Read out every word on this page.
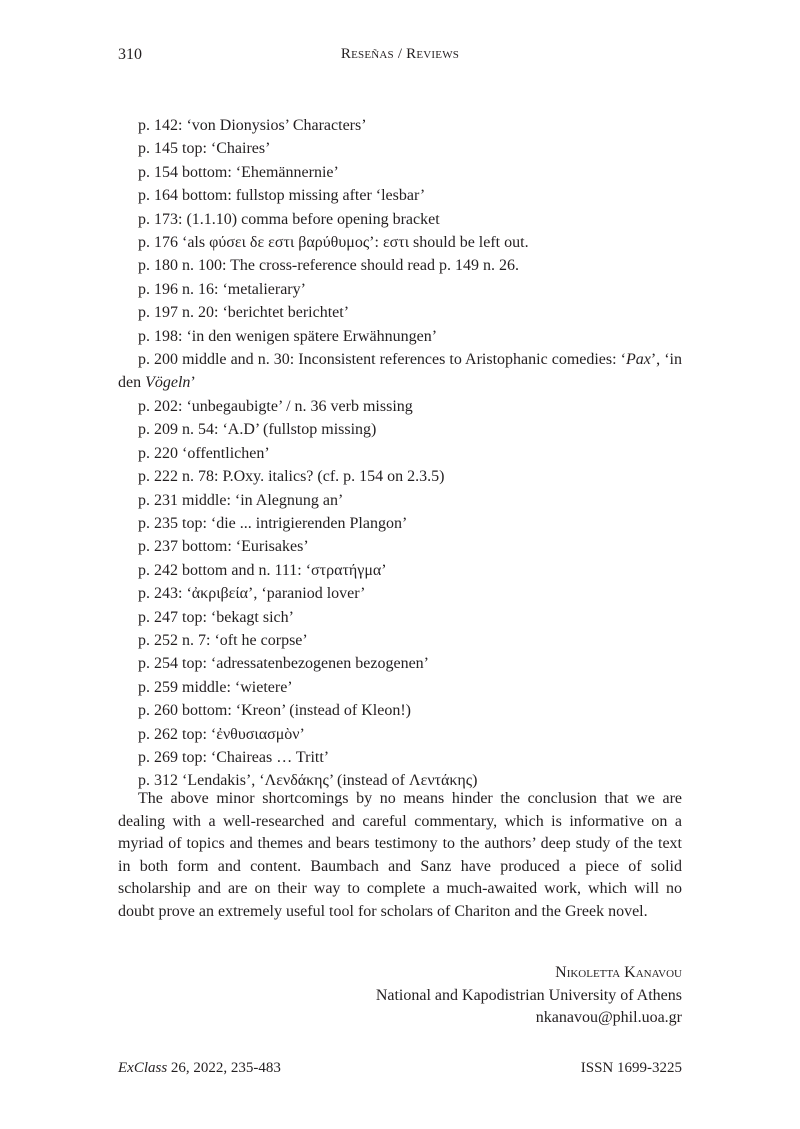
310	Reseñas / Reviews
p. 142: ‘von Dionysios’ Characters’
p. 145 top: ‘Chaires’
p. 154 bottom: ‘Ehemännernie’
p. 164 bottom: fullstop missing after ‘lesbar’
p. 173: (1.1.10) comma before opening bracket
p. 176 ‘als φύσει δε εστι βαρύθυμος’: εστι should be left out.
p. 180 n. 100: The cross-reference should read p. 149 n. 26.
p. 196 n. 16: ‘metalierary’
p. 197 n. 20: ‘berichtet berichtet’
p. 198: ‘in den wenigen spätere Erwähnungen’
p. 200 middle and n. 30: Inconsistent references to Aristophanic comedies: ‘Pax’, ‘in den Vögeln’
p. 202: ‘unbegaubigte’ / n. 36 verb missing
p. 209 n. 54: ‘A.D’ (fullstop missing)
p. 220 ‘offentlichen’
p. 222 n. 78: P.Oxy. italics? (cf. p. 154 on 2.3.5)
p. 231 middle: ‘in Alegnung an’
p. 235 top: ‘die ... intrigierenden Plangon’
p. 237 bottom: ‘Eurisakes’
p. 242 bottom and n. 111: ‘στρατήγμα’
p. 243: ‘ἀκριβεία’, ‘paraniod lover’
p. 247 top: ‘bekagt sich’
p. 252 n. 7: ‘oft he corpse’
p. 254 top: ‘adressatenbezogenen bezogenen’
p. 259 middle: ‘wietere’
p. 260 bottom: ‘Kreon’ (instead of Kleon!)
p. 262 top: ‘ἐνθυσιασμὸν’
p. 269 top: ‘Chaireas … Tritt’
p. 312 ‘Lendakis’, ‘Λενδάκης’ (instead of Λεντάκης)

The above minor shortcomings by no means hinder the conclusion that we are dealing with a well-researched and careful commentary, which is informative on a myriad of topics and themes and bears testimony to the authors’ deep study of the text in both form and content. Baumbach and Sanz have produced a piece of solid scholarship and are on their way to complete a much-awaited work, which will no doubt prove an extremely useful tool for scholars of Chariton and the Greek novel.

Nikoletta Kanavou
National and Kapodistrian University of Athens
nkanavou@phil.uoa.gr
ExClass 26, 2022, 235-483	ISSN 1699-3225
